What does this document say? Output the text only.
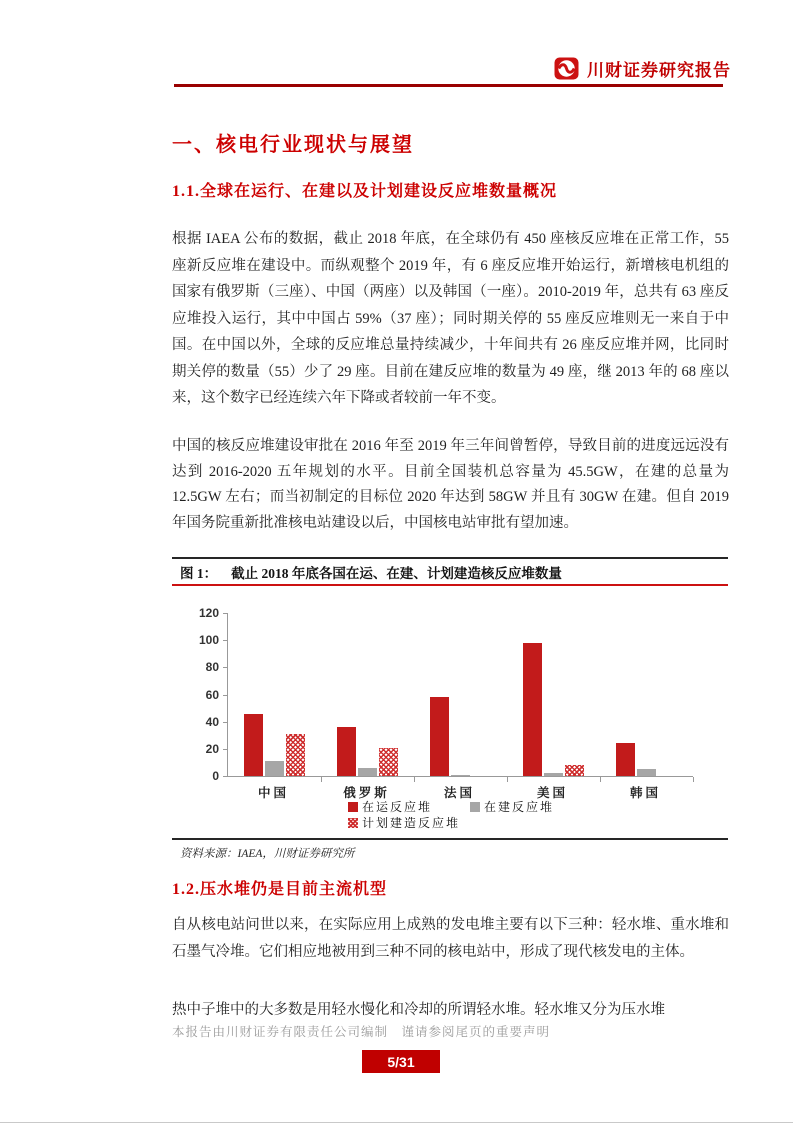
川财证券研究报告
一、核电行业现状与展望
1.1.全球在运行、在建以及计划建设反应堆数量概况
根据 IAEA 公布的数据，截止 2018 年底，在全球仍有 450 座核反应堆在正常工作，55 座新反应堆在建设中。而纵观整个 2019 年，有 6 座反应堆开始运行，新增核电机组的国家有俄罗斯（三座）、中国（两座）以及韩国（一座）。2010-2019 年，总共有 63 座反应堆投入运行，其中中国占 59%（37 座）；同时期关停的 55 座反应堆则无一来自于中国。在中国以外，全球的反应堆总量持续减少，十年间共有 26 座反应堆并网，比同时期关停的数量（55）少了 29 座。目前在建反应堆的数量为 49 座，继 2013 年的 68 座以来，这个数字已经连续六年下降或者较前一年不变。
中国的核反应堆建设审批在 2016 年至 2019 年三年间曾暂停，导致目前的进度远远没有达到 2016-2020 五年规划的水平。目前全国装机总容量为 45.5GW，在建的总量为 12.5GW 左右；而当初制定的目标位 2020 年达到 58GW 并且有 30GW 在建。但自 2019 年国务院重新批准核电站建设以后，中国核电站审批有望加速。
图 1： 截止 2018 年底各国在运、在建、计划建造核反应堆数量
0
20
40
60
80
100
120
中国	俄罗斯	法国	美国	韩国
在运反应堆	在建反应堆
计划建造反应堆
资料来源：IAEA，川财证券研究所
1.2.压水堆仍是目前主流机型
自从核电站问世以来，在实际应用上成熟的发电堆主要有以下三种：轻水堆、重水堆和石墨气冷堆。它们相应地被用到三种不同的核电站中，形成了现代核发电的主体。
热中子堆中的大多数是用轻水慢化和冷却的所谓轻水堆。轻水堆又分为压水堆
本报告由川财证券有限责任公司编制　谨请参阅尾页的重要声明
5/31
